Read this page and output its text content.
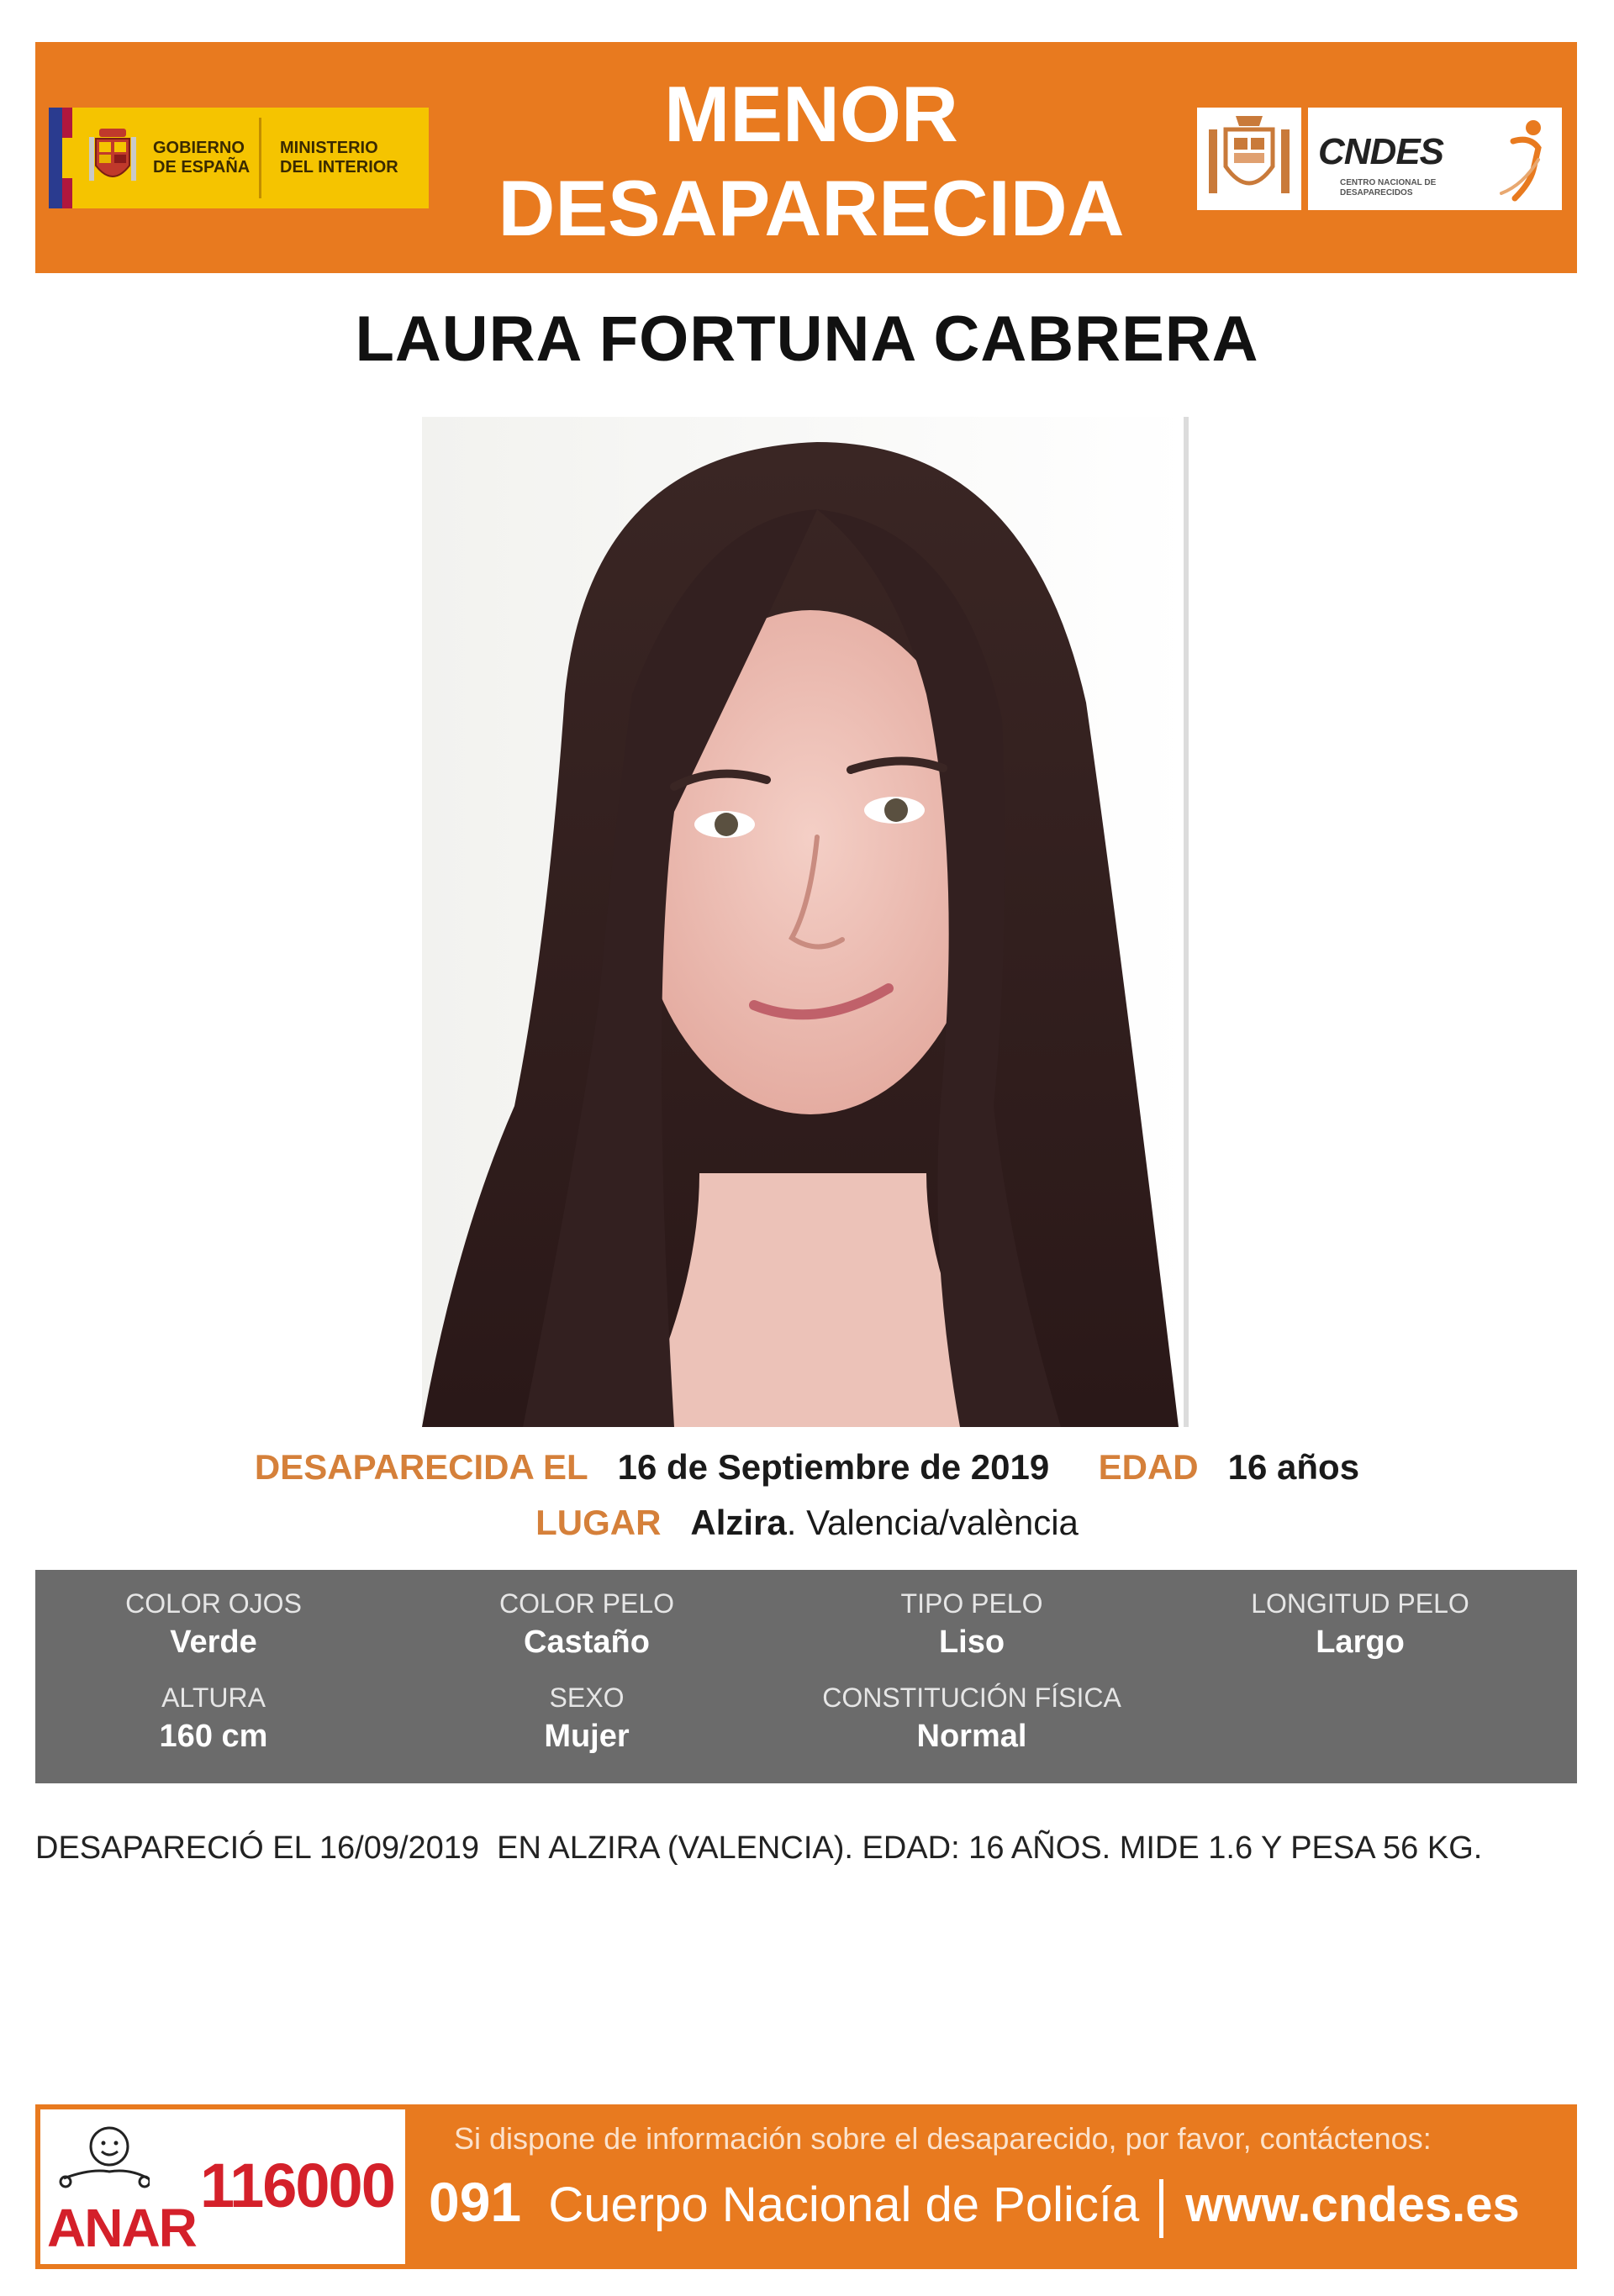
GOBIERNO DE ESPAÑA
MINISTERIO DEL INTERIOR
MENOR
DESAPARECIDA
CNDES
CENTRO NACIONAL DE DESAPARECIDOS
LAURA FORTUNA CABRERA
DESAPARECIDA EL 16 de Septiembre de 2019 EDAD 16 años
LUGAR Alzira. Valencia/valència
COLOR OJOS
Verde
COLOR PELO
Castaño
TIPO PELO
Liso
LONGITUD PELO
Largo
ALTURA
160 cm
SEXO
Mujer
CONSTITUCIÓN FÍSICA
Normal
DESAPARECIÓ EL 16/09/2019  EN ALZIRA (VALENCIA). EDAD: 16 AÑOS. MIDE 1.6 Y PESA 56 KG.
ANAR
116000
Si dispone de información sobre el desaparecido, por favor, contáctenos:
091 Cuerpo Nacional de Policía www.cndes.es
